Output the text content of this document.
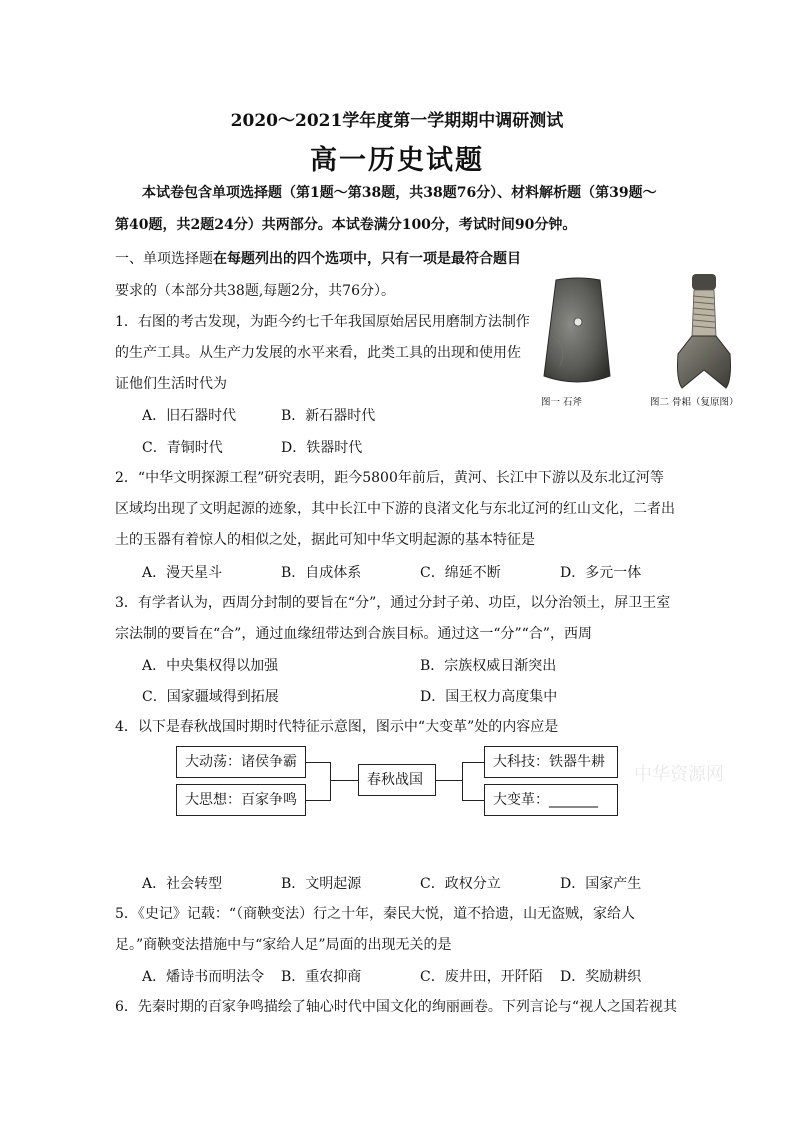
2020～2021学年度第一学期期中调研测试
高一历史试题
本试卷包含单项选择题（第1题～第38题，共38题76分）、材料解析题（第39题～
第40题，共2题24分）共两部分。本试卷满分100分，考试时间90分钟。
一、单项选择题在每题列出的四个选项中，只有一项是最符合题目
要求的（本部分共38题,每题2分，共76分）。
图一 石斧	图二 骨耜（复原图）
1．右图的考古发现，为距今约七千年我国原始居民用磨制方法制作
的生产工具。从生产力发展的水平来看，此类工具的出现和使用佐
证他们生活时代为
A．旧石器时代	B．新石器时代
C．青铜时代	D．铁器时代
2．“中华文明探源工程”研究表明，距今5800年前后，黄河、长江中下游以及东北辽河等
区域均出现了文明起源的迹象，其中长江中下游的良渚文化与东北辽河的红山文化，二者出
土的玉器有着惊人的相似之处，据此可知中华文明起源的基本特征是
A．漫天星斗	B．自成体系	C．绵延不断	D．多元一体
3．有学者认为，西周分封制的要旨在“分”，通过分封子弟、功臣，以分治领土，屏卫王室
宗法制的要旨在“合”，通过血缘纽带达到合族目标。通过这一“分”“合”，西周
A．中央集权得以加强	B．宗族权威日渐突出
C．国家疆域得到拓展	D．国王权力高度集中
4．以下是春秋战国时期时代特征示意图，图示中“大变革”处的内容应是
大动荡：诸侯争霸
大思想：百家争鸣
春秋战国
大科技：铁器牛耕
大变革：_______
中华资源网
A．社会转型	B．文明起源	C．政权分立	D．国家产生
5．《史记》记载：“（商鞅变法）行之十年，秦民大悦，道不拾遗，山无盗贼，家给人
足。”商鞅变法措施中与“家给人足”局面的出现无关的是
A．燔诗书而明法令 B．重农抑商	C．废井田，开阡陌 D．奖励耕织
6．先秦时期的百家争鸣描绘了轴心时代中国文化的绚丽画卷。下列言论与“视人之国若视其
